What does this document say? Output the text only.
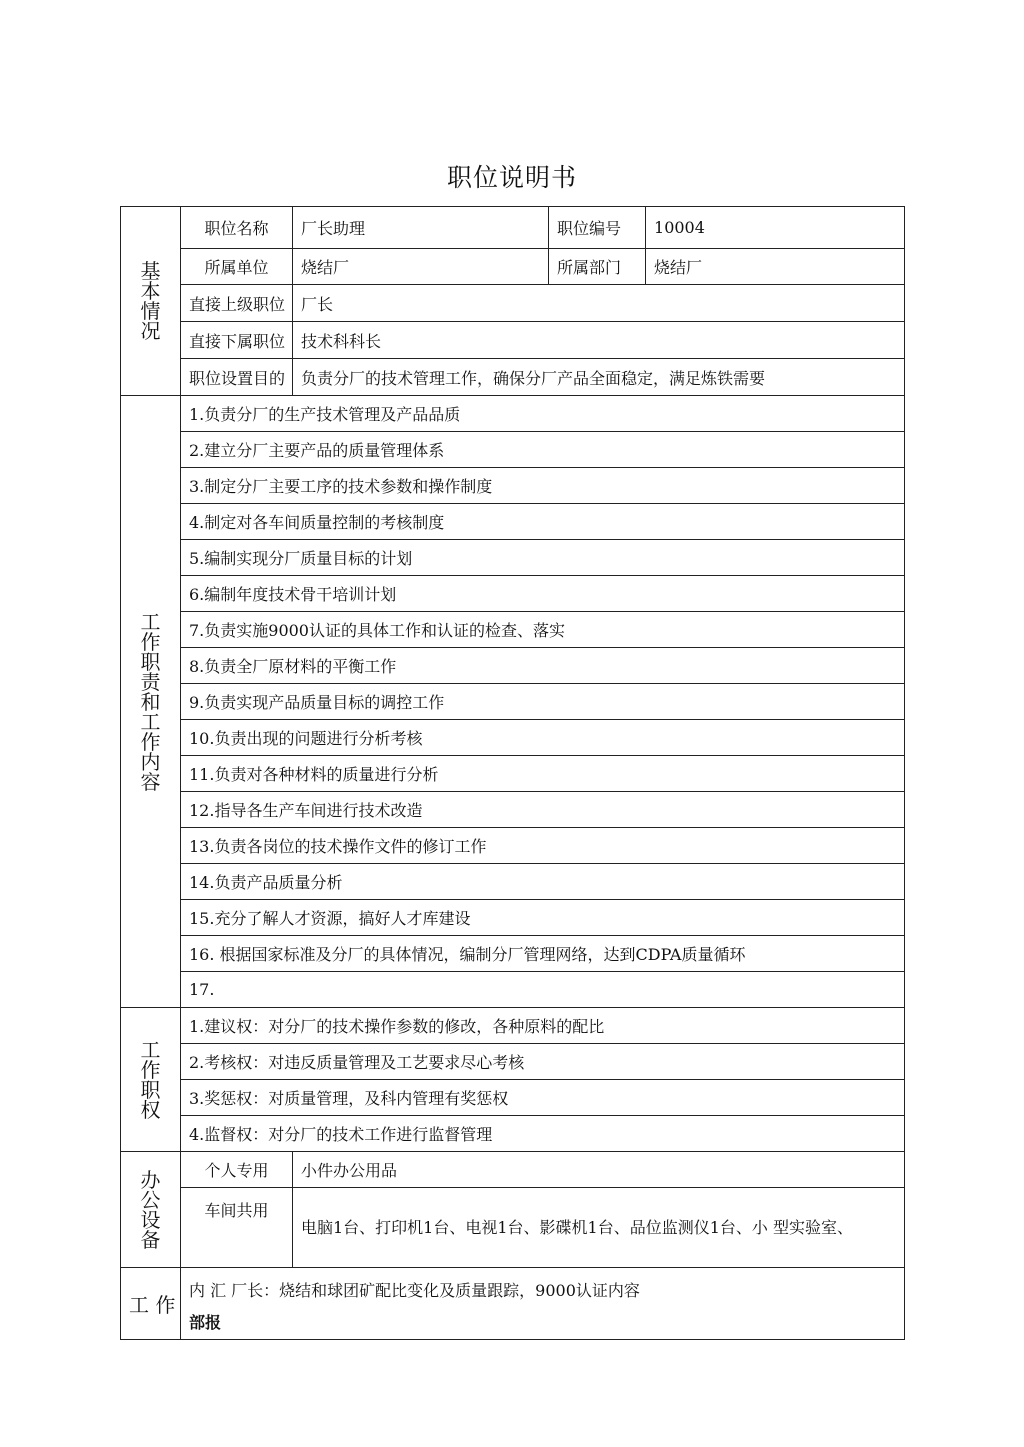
职位说明书
基本情况	职位名称	厂长助理	职位编号	10004
	所属单位	烧结厂	所属部门	烧结厂
	直接上级职位	厂长		
	直接下属职位	技术科科长		
	职位设置目的	负责分厂的技术管理工作，确保分厂产品全面稳定，满足炼铁需要		
工作职责和工作内容	1.负责分厂的生产技术管理及产品品质			
	2.建立分厂主要产品的质量管理体系			
	3.制定分厂主要工序的技术参数和操作制度			
	4.制定对各车间质量控制的考核制度			
	5.编制实现分厂质量目标的计划			
	6.编制年度技术骨干培训计划			
	7.负责实施9000认证的具体工作和认证的检查、落实			
	8.负责全厂原材料的平衡工作			
	9.负责实现产品质量目标的调控工作			
	10.负责出现的问题进行分析考核			
	11.负责对各种材料的质量进行分析			
	12.指导各生产车间进行技术改造			
	13.负责各岗位的技术操作文件的修订工作			
	14.负责产品质量分析			
	15.充分了解人才资源，搞好人才库建设			
	16. 根据国家标准及分厂的具体情况，编制分厂管理网络，达到CDPA质量循环			
	17.			
工作职权	1.建议权：对分厂的技术操作参数的修改，各种原料的配比			
	2.考核权：对违反质量管理及工艺要求尽心考核			
	3.奖惩权：对质量管理，及科内管理有奖惩权			
	4.监督权：对分厂的技术工作进行监督管理			
办公设备	个人专用	小件办公用品		
	车间共用	电脑1台、打印机1台、电视1台、影碟机1台、品位监测仪1台、小 型实验室、		
工 作	内 汇 厂长：烧结和球团矿配比变化及质量跟踪，9000认证内容
部报			
